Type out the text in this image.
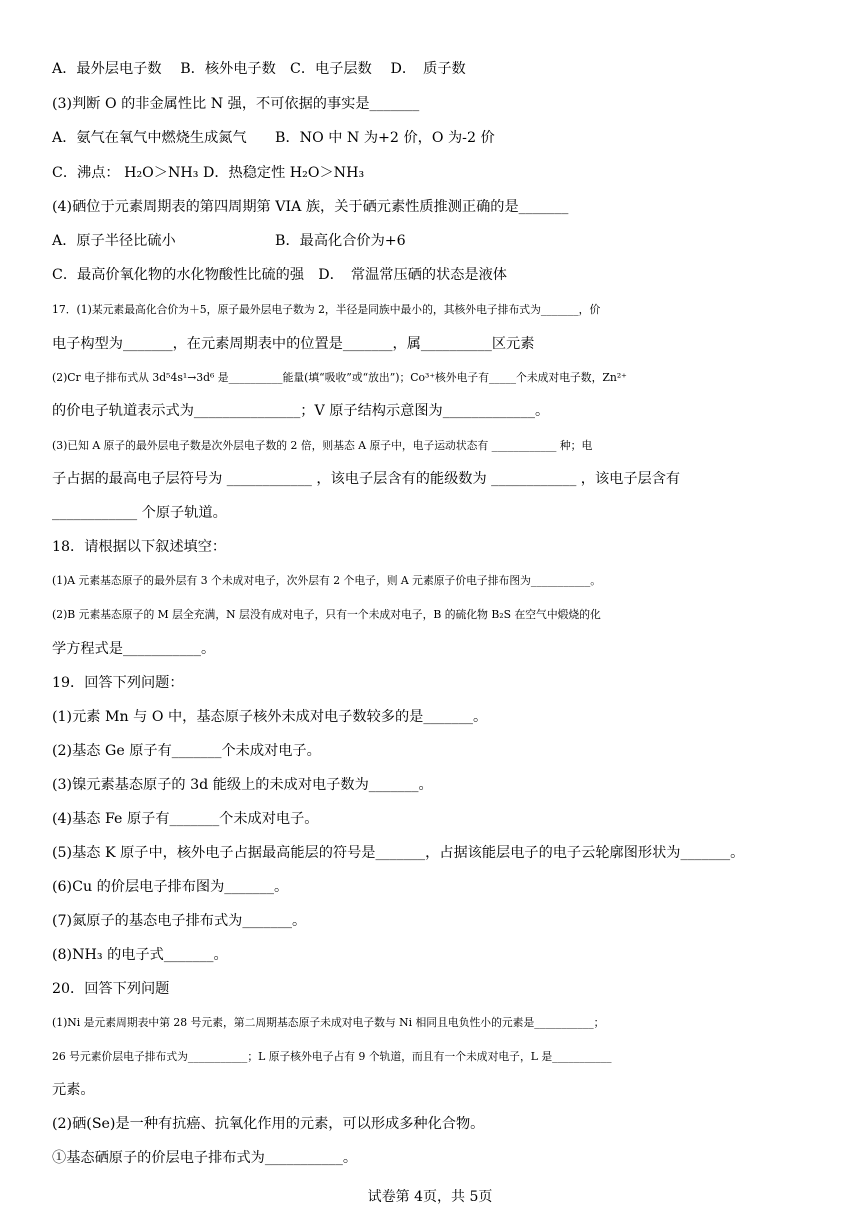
A．最外层电子数　 B．核外电子数　C．电子层数　 D．　质子数
(3)判断 O 的非金属性比 N 强，不可依据的事实是_______
A．氨气在氧气中燃烧生成氮气　　B．NO 中 N 为+2 价，O 为-2 价
C．沸点： H₂O＞NH₃ D．热稳定性 H₂O＞NH₃
(4)硒位于元素周期表的第四周期第 VIA 族，关于硒元素性质推测正确的是_______
A．原子半径比硫小　　　　　　　B．最高化合价为+6
C．最高价氧化物的水化物酸性比硫的强　D．　常温常压硒的状态是液体
17．(1)某元素最高化合价为＋5，原子最外层电子数为 2，半径是同族中最小的，其核外电子排布式为_______，价
电子构型为_______，在元素周期表中的位置是_______，属__________区元素
(2)Cr 电子排布式从 3d⁵4s¹→3d⁶ 是__________能量(填“吸收”或“放出”)；Co³⁺核外电子有_____个未成对电子数，Zn²⁺
的价电子轨道表示式为_______________；V 原子结构示意图为_____________。
(3)已知 A 原子的最外层电子数是次外层电子数的 2 倍，则基态 A 原子中，电子运动状态有 ____________ 种；电
子占据的最高电子层符号为 ____________ ，该电子层含有的能级数为 ____________ ，该电子层含有
____________ 个原子轨道。
18．请根据以下叙述填空：
(1)A 元素基态原子的最外层有 3 个未成对电子，次外层有 2 个电子，则 A 元素原子价电子排布图为___________。
(2)B 元素基态原子的 M 层全充满，N 层没有成对电子，只有一个未成对电子，B 的硫化物 B₂S 在空气中煅烧的化
学方程式是___________。
19．回答下列问题：
(1)元素 Mn 与 O 中，基态原子核外未成对电子数较多的是_______。
(2)基态 Ge 原子有_______个未成对电子。
(3)镍元素基态原子的 3d 能级上的未成对电子数为_______。
(4)基态 Fe 原子有_______个未成对电子。
(5)基态 K 原子中，核外电子占据最高能层的符号是_______，占据该能层电子的电子云轮廓图形状为_______。
(6)Cu 的价层电子排布图为_______。
(7)氮原子的基态电子排布式为_______。
(8)NH₃ 的电子式_______。
20．回答下列问题
(1)Ni 是元素周期表中第 28 号元素，第二周期基态原子未成对电子数与 Ni 相同且电负性小的元素是___________；
26 号元素价层电子排布式为___________；L 原子核外电子占有 9 个轨道，而且有一个未成对电子，L 是___________
元素。
(2)硒(Se)是一种有抗癌、抗氧化作用的元素，可以形成多种化合物。
①基态硒原子的价层电子排布式为___________。
试卷第 4页，共 5页
